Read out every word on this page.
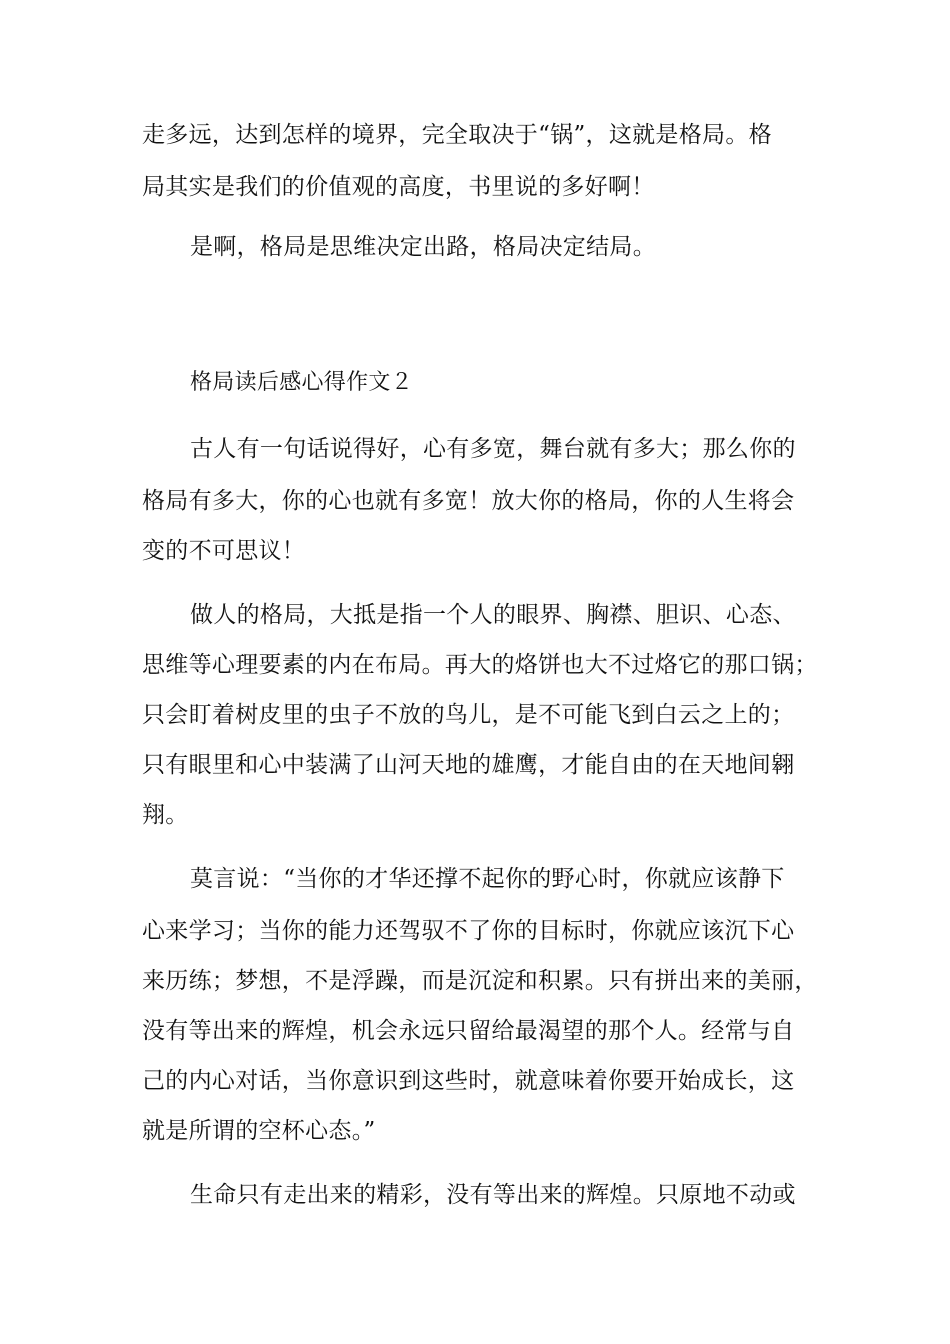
走多远，达到怎样的境界，完全取决于“锅”，这就是格局。格
局其实是我们的价值观的高度，书里说的多好啊！
是啊，格局是思维决定出路，格局决定结局。
格局读后感心得作文２
古人有一句话说得好，心有多宽，舞台就有多大；那么你的
格局有多大，你的心也就有多宽！放大你的格局，你的人生将会
变的不可思议！
做人的格局，大抵是指一个人的眼界、胸襟、胆识、心态、
思维等心理要素的内在布局。再大的烙饼也大不过烙它的那口锅；
只会盯着树皮里的虫子不放的鸟儿，是不可能飞到白云之上的；
只有眼里和心中装满了山河天地的雄鹰，才能自由的在天地间翱
翔。
莫言说：“当你的才华还撑不起你的野心时，你就应该静下
心来学习；当你的能力还驾驭不了你的目标时，你就应该沉下心
来历练；梦想，不是浮躁，而是沉淀和积累。只有拼出来的美丽，
没有等出来的辉煌，机会永远只留给最渴望的那个人。经常与自
己的内心对话，当你意识到这些时，就意味着你要开始成长，这
就是所谓的空杯心态。”
生命只有走出来的精彩，没有等出来的辉煌。只原地不动或
